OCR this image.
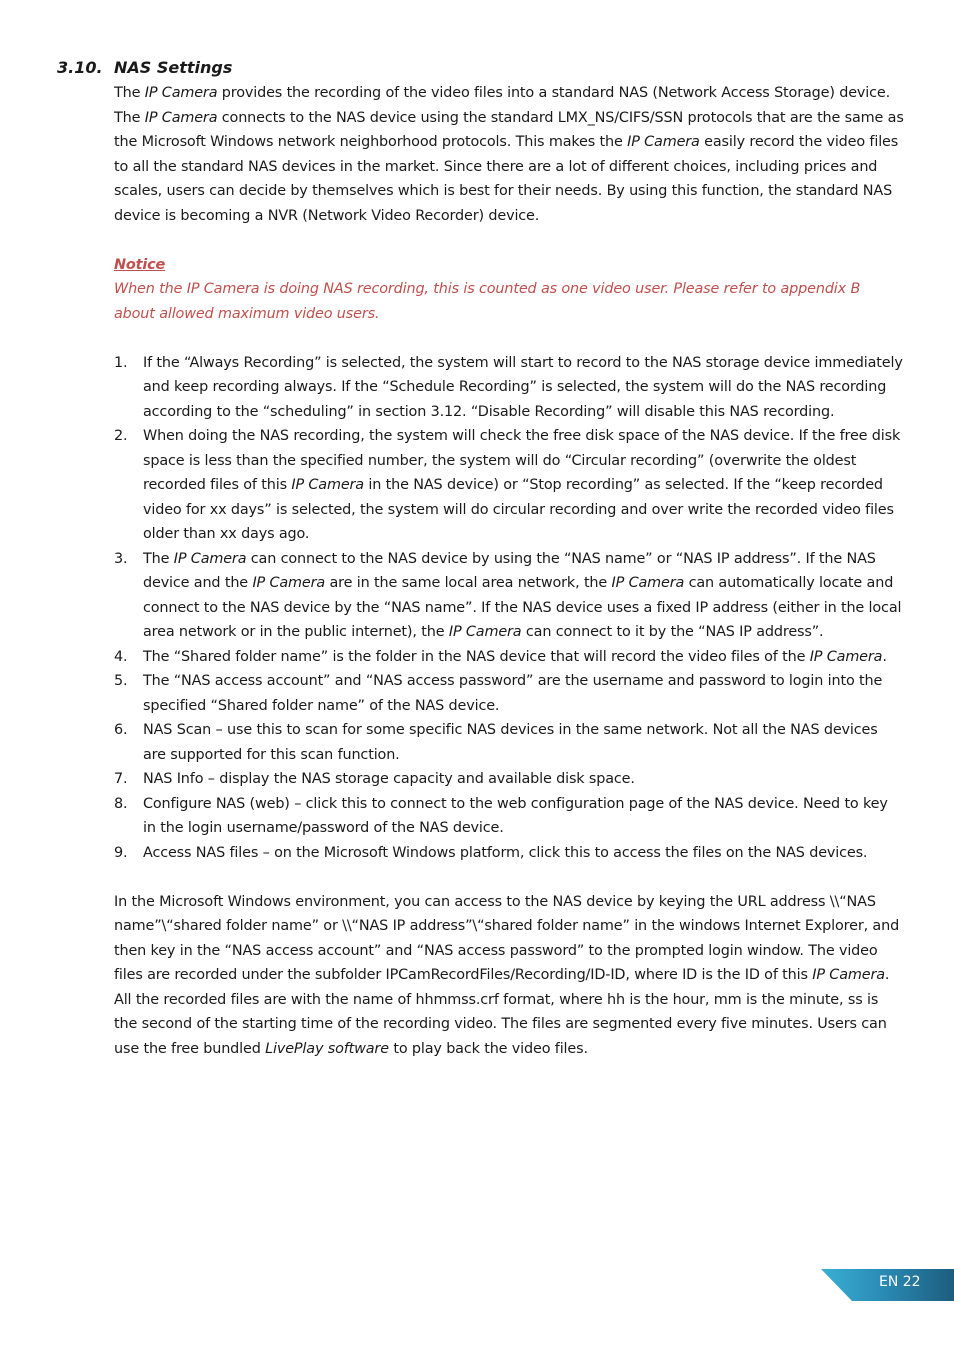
3.10. NAS Settings

The IP Camera provides the recording of the video files into a standard NAS (Network Access Storage) device. The IP Camera connects to the NAS device using the standard LMX_NS/CIFS/SSN protocols that are the same as the Microsoft Windows network neighborhood protocols. This makes the IP Camera easily record the video files to all the standard NAS devices in the market. Since there are a lot of different choices, including prices and scales, users can decide by themselves which is best for their needs. By using this function, the standard NAS device is becoming a NVR (Network Video Recorder) device.

Notice

When the IP Camera is doing NAS recording, this is counted as one video user. Please refer to appendix B about allowed maximum video users.

1. If the “Always Recording” is selected, the system will start to record to the NAS storage device immediately and keep recording always. If the “Schedule Recording” is selected, the system will do the NAS recording according to the “scheduling” in section 3.12. “Disable Recording” will disable this NAS recording.
2. When doing the NAS recording, the system will check the free disk space of the NAS device. If the free disk space is less than the specified number, the system will do “Circular recording” (overwrite the oldest recorded files of this IP Camera in the NAS device) or “Stop recording” as selected. If the “keep recorded video for xx days” is selected, the system will do circular recording and over write the recorded video files older than xx days ago.
3. The IP Camera can connect to the NAS device by using the “NAS name” or “NAS IP address”. If the NAS device and the IP Camera are in the same local area network, the IP Camera can automatically locate and connect to the NAS device by the “NAS name”. If the NAS device uses a fixed IP address (either in the local area network or in the public internet), the IP Camera can connect to it by the “NAS IP address”.
4. The “Shared folder name” is the folder in the NAS device that will record the video files of the IP Camera.
5. The “NAS access account” and “NAS access password” are the username and password to login into the specified “Shared folder name” of the NAS device.
6. NAS Scan – use this to scan for some specific NAS devices in the same network. Not all the NAS devices are supported for this scan function.
7. NAS Info – display the NAS storage capacity and available disk space.
8. Configure NAS (web) – click this to connect to the web configuration page of the NAS device. Need to key in the login username/password of the NAS device.
9. Access NAS files – on the Microsoft Windows platform, click this to access the files on the NAS devices.

In the Microsoft Windows environment, you can access to the NAS device by keying the URL address \\“NAS name”\“shared folder name” or \\“NAS IP address”\“shared folder name” in the windows Internet Explorer, and then key in the “NAS access account” and “NAS access password” to the prompted login window. The video files are recorded under the subfolder IPCamRecordFiles/Recording/ID-ID, where ID is the ID of this IP Camera. All the recorded files are with the name of hhmmss.crf format, where hh is the hour, mm is the minute, ss is the second of the starting time of the recording video. The files are segmented every five minutes. Users can use the free bundled LivePlay software to play back the video files.

EN 22
